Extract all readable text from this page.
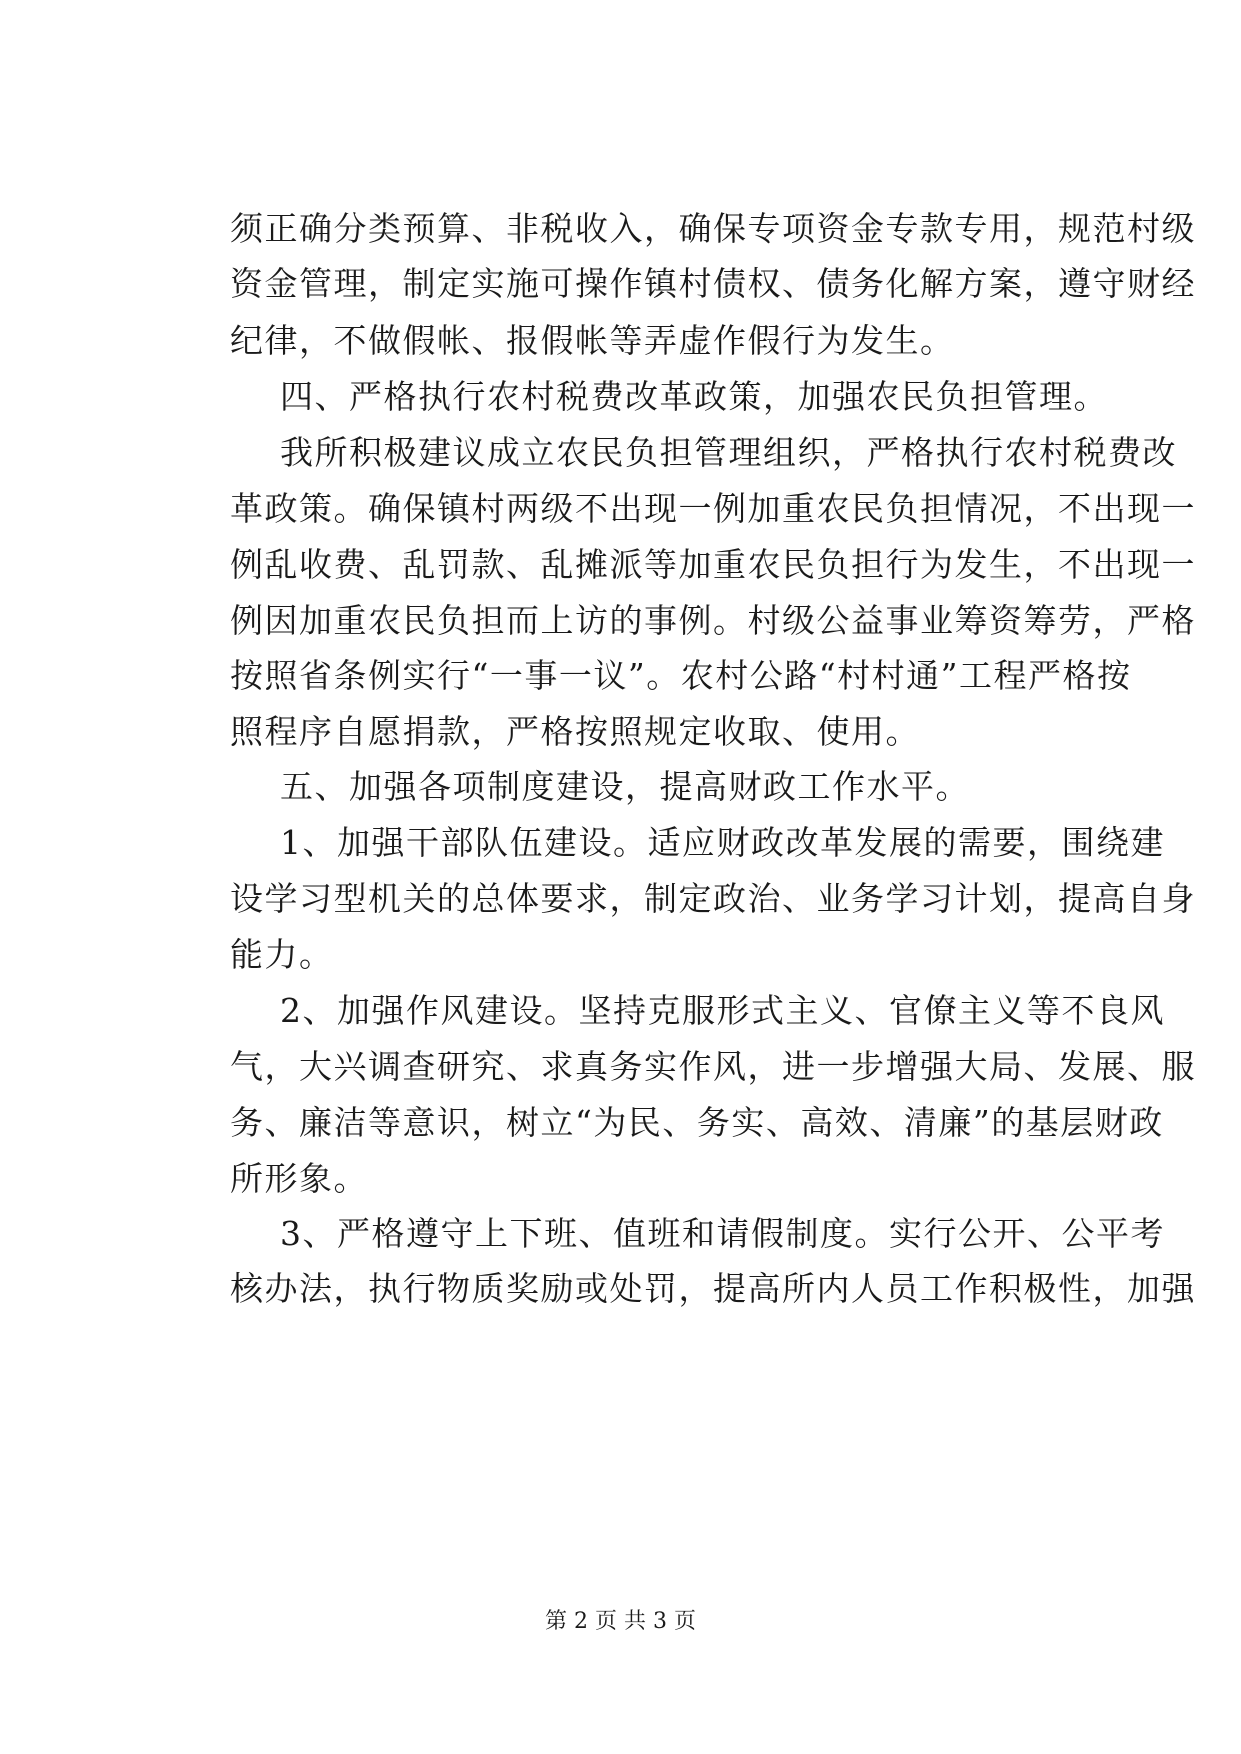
须正确分类预算、非税收入，确保专项资金专款专用，规范村级
资金管理，制定实施可操作镇村债权、债务化解方案，遵守财经
纪律，不做假帐、报假帐等弄虚作假行为发生。
四、严格执行农村税费改革政策，加强农民负担管理。
我所积极建议成立农民负担管理组织，严格执行农村税费改
革政策。确保镇村两级不出现一例加重农民负担情况，不出现一
例乱收费、乱罚款、乱摊派等加重农民负担行为发生，不出现一
例因加重农民负担而上访的事例。村级公益事业筹资筹劳，严格
按照省条例实行“一事一议”。农村公路“村村通”工程严格按
照程序自愿捐款，严格按照规定收取、使用。
五、加强各项制度建设，提高财政工作水平。
1、加强干部队伍建设。适应财政改革发展的需要，围绕建
设学习型机关的总体要求，制定政治、业务学习计划，提高自身
能力。
2、加强作风建设。坚持克服形式主义、官僚主义等不良风
气，大兴调查研究、求真务实作风，进一步增强大局、发展、服
务、廉洁等意识，树立“为民、务实、高效、清廉”的基层财政
所形象。
3、严格遵守上下班、值班和请假制度。实行公开、公平考
核办法，执行物质奖励或处罚，提高所内人员工作积极性，加强
第 2 页 共 3 页
